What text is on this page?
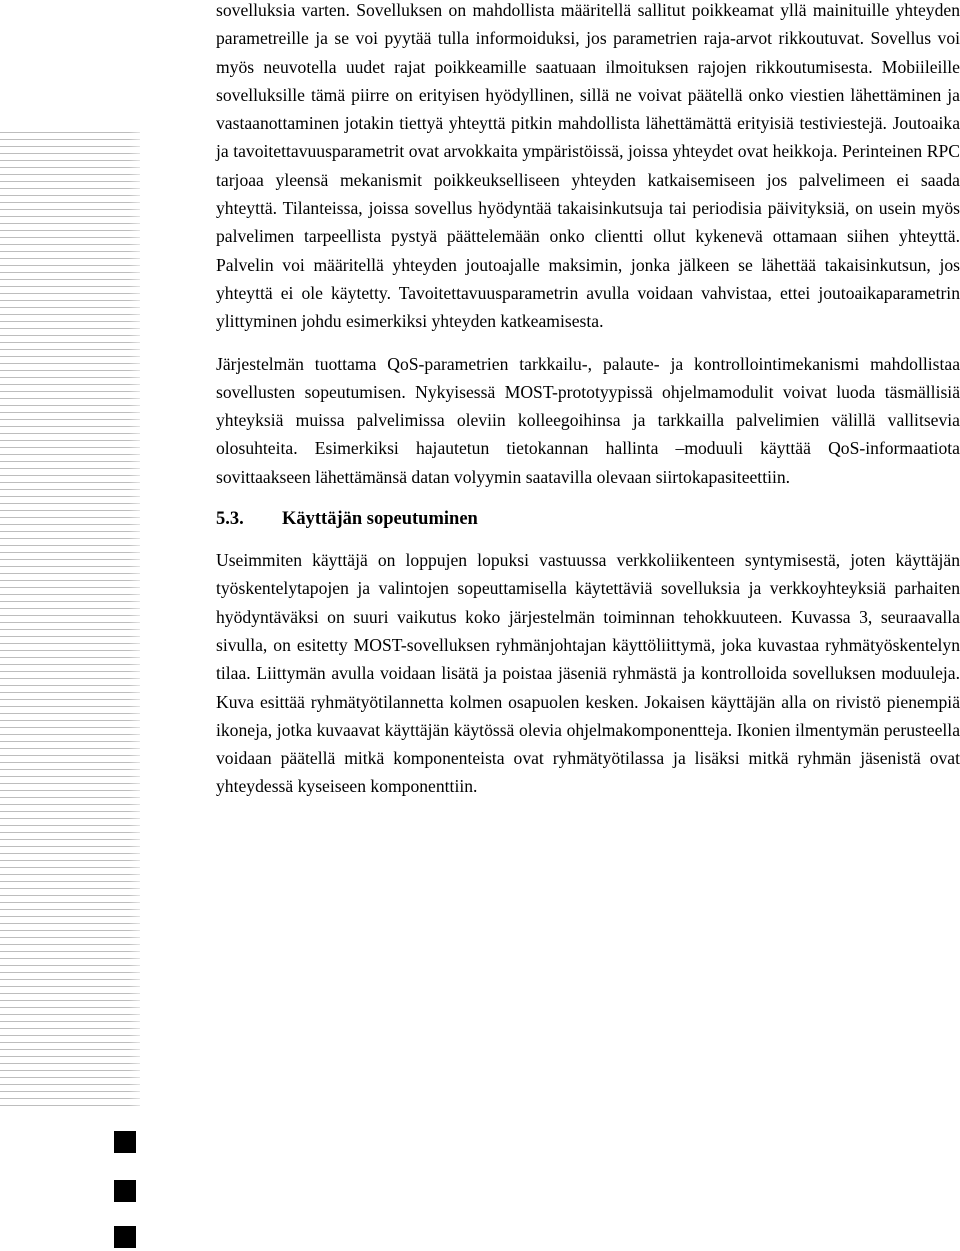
sovelluksia varten. Sovelluksen on mahdollista määritellä sallitut poikkeamat yllä mainituille yhteyden parametreille ja se voi pyytää tulla informoiduksi, jos parametrien raja-arvot rikkoutuvat. Sovellus voi myös neuvotella uudet rajat poikkeamille saatuaan ilmoituksen rajojen rikkoutumisesta. Mobiileille sovelluksille tämä piirre on erityisen hyödyllinen, sillä ne voivat päätellä onko viestien lähettäminen ja vastaanottaminen jotakin tiettyä yhteyttä pitkin mahdollista lähettämättä erityisiä testiviestejä. Joutoaika ja tavoitettavuusparametrit ovat arvokkaita ympäristöissä, joissa yhteydet ovat heikkoja. Perinteinen RPC tarjoaa yleensä mekanismit poikkeukselliseen yhteyden katkaisemiseen jos palvelimeen ei saada yhteyttä. Tilanteissa, joissa sovellus hyödyntää takaisinkutsuja tai periodisia päivityksiä, on usein myös palvelimen tarpeellista pystyä päättelemään onko clientti ollut kykenevä ottamaan siihen yhteyttä. Palvelin voi määritellä yhteyden joutoajalle maksimin, jonka jälkeen se lähettää takaisinkutsun, jos yhteyttä ei ole käytetty. Tavoitettavuusparametrin avulla voidaan vahvistaa, ettei joutoaikaparametrin ylittyminen johdu esimerkiksi yhteyden katkeamisesta.

Järjestelmän tuottama QoS-parametrien tarkkailu-, palaute- ja kontrollointimekanismi mahdollistaa sovellusten sopeutumisen. Nykyisessä MOST-prototyypissä ohjelmamodulit voivat luoda täsmällisiä yhteyksiä muissa palvelimissa oleviin kolleegoihinsa ja tarkkailla palvelimien välillä vallitsevia olosuhteita. Esimerkiksi hajautetun tietokannan hallinta –moduuli käyttää QoS-informaatiota sovittaakseen lähettämänsä datan volyymin saatavilla olevaan siirtokapasiteettiin.

5.3. Käyttäjän sopeutuminen

Useimmiten käyttäjä on loppujen lopuksi vastuussa verkkoliikenteen syntymisestä, joten käyttäjän työskentelytapojen ja valintojen sopeuttamisella käytettäviä sovelluksia ja verkkoyhteyksiä parhaiten hyödyntäväksi on suuri vaikutus koko järjestelmän toiminnan tehokkuuteen. Kuvassa 3, seuraavalla sivulla, on esitetty MOST-sovelluksen ryhmänjohtajan käyttöliittymä, joka kuvastaa ryhmätyöskentelyn tilaa. Liittymän avulla voidaan lisätä ja poistaa jäseniä ryhmästä ja kontrolloida sovelluksen moduuleja. Kuva esittää ryhmätyötilannetta kolmen osapuolen kesken. Jokaisen käyttäjän alla on rivistö pienempiä ikoneja, jotka kuvaavat käyttäjän käytössä olevia ohjelmakomponentteja. Ikonien ilmentymän perusteella voidaan päätellä mitkä komponenteista ovat ryhmätyötilassa ja lisäksi mitkä ryhmän jäsenistä ovat yhteydessä kyseiseen komponenttiin.
